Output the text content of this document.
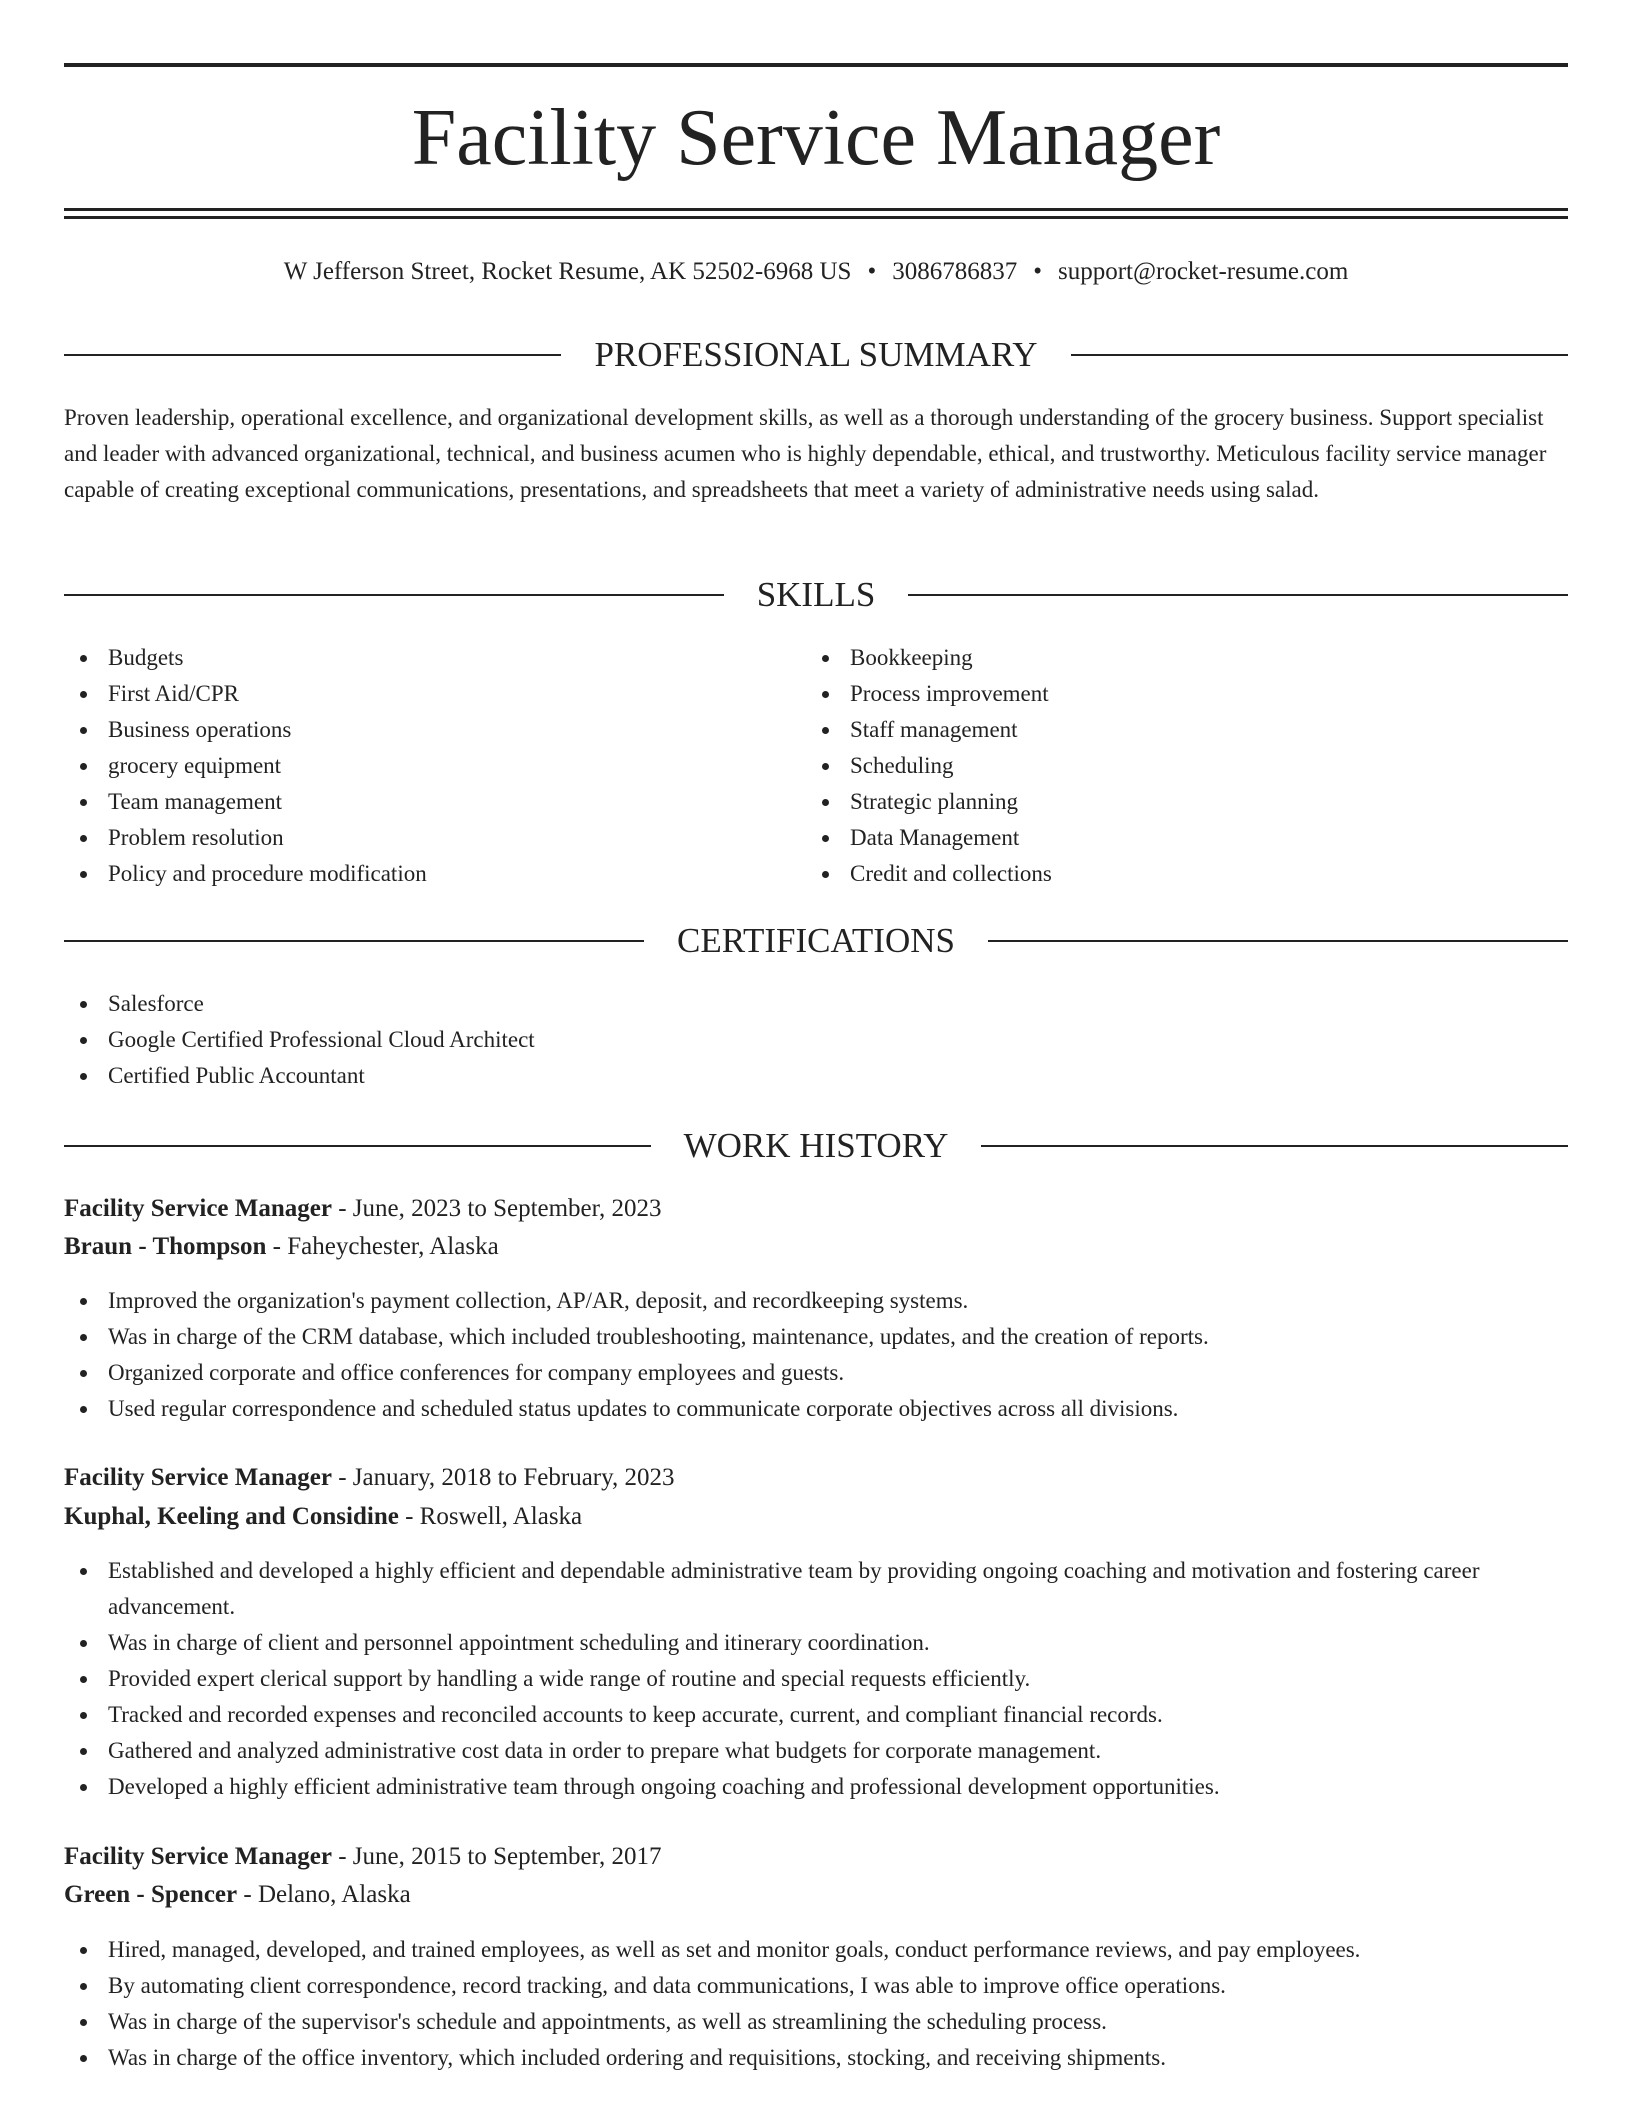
Facility Service Manager
W Jefferson Street, Rocket Resume, AK 52502-6968 US • 3086786837 • support@rocket-resume.com
PROFESSIONAL SUMMARY

Proven leadership, operational excellence, and organizational development skills, as well as a thorough understanding of the grocery business. Support specialist and leader with advanced organizational, technical, and business acumen who is highly dependable, ethical, and trustworthy. Meticulous facility service manager capable of creating exceptional communications, presentations, and spreadsheets that meet a variety of administrative needs using salad.

SKILLS
Budgets
First Aid/CPR
Business operations
grocery equipment
Team management
Problem resolution
Policy and procedure modification
Bookkeeping
Process improvement
Staff management
Scheduling
Strategic planning
Data Management
Credit and collections
CERTIFICATIONS
Salesforce
Google Certified Professional Cloud Architect
Certified Public Accountant
WORK HISTORY
Facility Service Manager - June, 2023 to September, 2023
Braun - Thompson - Faheychester, Alaska
Improved the organization's payment collection, AP/AR, deposit, and recordkeeping systems.
Was in charge of the CRM database, which included troubleshooting, maintenance, updates, and the creation of reports.
Organized corporate and office conferences for company employees and guests.
Used regular correspondence and scheduled status updates to communicate corporate objectives across all divisions.
Facility Service Manager - January, 2018 to February, 2023
Kuphal, Keeling and Considine - Roswell, Alaska
Established and developed a highly efficient and dependable administrative team by providing ongoing coaching and motivation and fostering career advancement.
Was in charge of client and personnel appointment scheduling and itinerary coordination.
Provided expert clerical support by handling a wide range of routine and special requests efficiently.
Tracked and recorded expenses and reconciled accounts to keep accurate, current, and compliant financial records.
Gathered and analyzed administrative cost data in order to prepare what budgets for corporate management.
Developed a highly efficient administrative team through ongoing coaching and professional development opportunities.
Facility Service Manager - June, 2015 to September, 2017
Green - Spencer - Delano, Alaska
Hired, managed, developed, and trained employees, as well as set and monitor goals, conduct performance reviews, and pay employees.
By automating client correspondence, record tracking, and data communications, I was able to improve office operations.
Was in charge of the supervisor's schedule and appointments, as well as streamlining the scheduling process.
Was in charge of the office inventory, which included ordering and requisitions, stocking, and receiving shipments.
